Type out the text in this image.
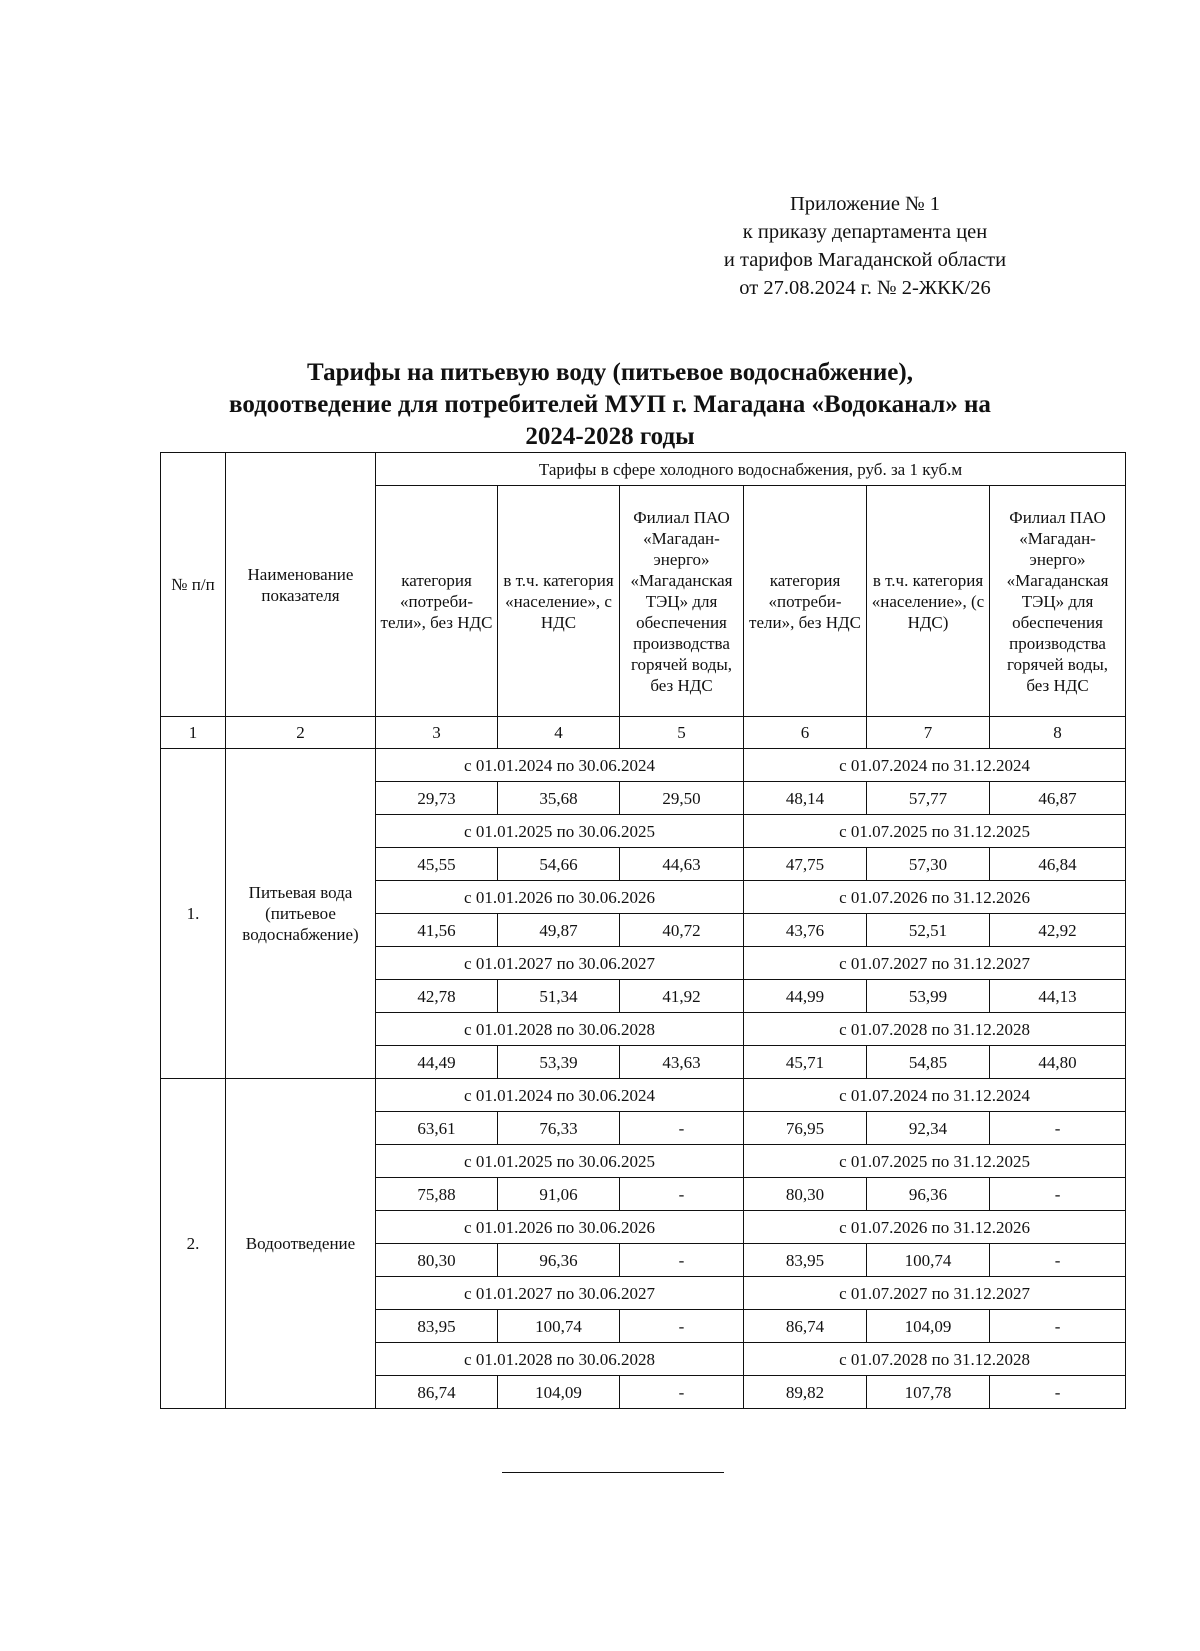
Приложение № 1
к приказу департамента цен
и тарифов Магаданской области
от 27.08.2024 г. № 2-ЖКК/26
Тарифы на питьевую воду (питьевое водоснабжение),
водоотведение для потребителей МУП г. Магадана «Водоканал» на
2024-2028 годы
№ п/п	Наименование показателя	Тарифы в сфере холодного водоснабжения, руб. за 1 куб.м					
		категория «потреби-тели», без НДС	в т.ч. категория «население», с НДС	Филиал ПАО «Магадан-энерго» «Магаданская ТЭЦ» для обеспечения производства горячей воды, без НДС	категория «потреби-тели», без НДС	в т.ч. категория «население», (с НДС)	Филиал ПАО «Магадан-энерго» «Магаданская ТЭЦ» для обеспечения производства горячей воды, без НДС
1	2	3	4	5	6	7	8
1.	Питьевая вода (питьевое водоснабжение)	с 01.01.2024 по 30.06.2024			с 01.07.2024 по 31.12.2024		
		29,73	35,68	29,50	48,14	57,77	46,87
		с 01.01.2025 по 30.06.2025			с 01.07.2025 по 31.12.2025		
		45,55	54,66	44,63	47,75	57,30	46,84
		с 01.01.2026 по 30.06.2026			с 01.07.2026 по 31.12.2026		
		41,56	49,87	40,72	43,76	52,51	42,92
		с 01.01.2027 по 30.06.2027			с 01.07.2027 по 31.12.2027		
		42,78	51,34	41,92	44,99	53,99	44,13
		с 01.01.2028 по 30.06.2028			с 01.07.2028 по 31.12.2028		
		44,49	53,39	43,63	45,71	54,85	44,80
2.	Водоотведение	с 01.01.2024 по 30.06.2024			с 01.07.2024 по 31.12.2024		
		63,61	76,33	-	76,95	92,34	-
		с 01.01.2025 по 30.06.2025			с 01.07.2025 по 31.12.2025		
		75,88	91,06	-	80,30	96,36	-
		с 01.01.2026 по 30.06.2026			с 01.07.2026 по 31.12.2026		
		80,30	96,36	-	83,95	100,74	-
		с 01.01.2027 по 30.06.2027			с 01.07.2027 по 31.12.2027		
		83,95	100,74	-	86,74	104,09	-
		с 01.01.2028 по 30.06.2028			с 01.07.2028 по 31.12.2028		
		86,74	104,09	-	89,82	107,78	-
